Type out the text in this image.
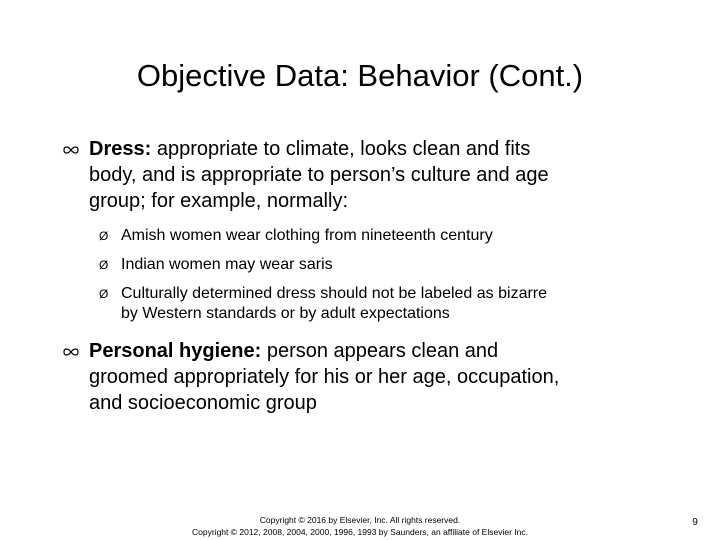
Objective Data: Behavior (Cont.)
Dress: appropriate to climate, looks clean and fits
body, and is appropriate to person’s culture and age
group; for example, normally:
Ø Amish women wear clothing from nineteenth century
Ø Indian women may wear saris
Ø Culturally determined dress should not be labeled as bizarre
by Western standards or by adult expectations
Personal hygiene: person appears clean and
groomed appropriately for his or her age, occupation,
and socioeconomic group
Copyright © 2016 by Elsevier, Inc. All rights reserved.
Copyright © 2012, 2008, 2004, 2000, 1996, 1993 by Saunders, an affiliate of Elsevier Inc.
9
